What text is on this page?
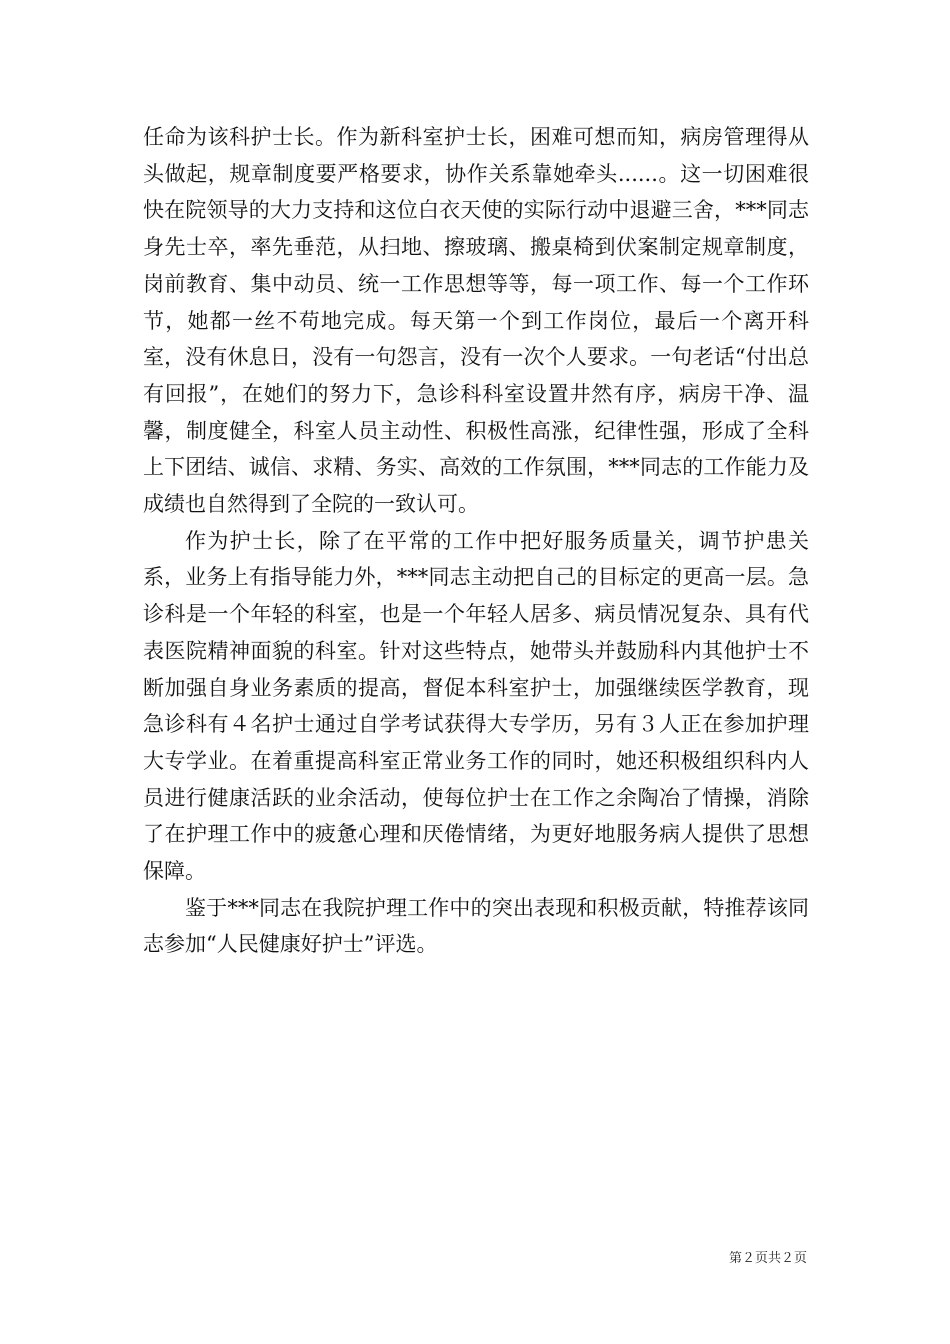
任命为该科护士长。作为新科室护士长，困难可想而知，病房管理得从头做起，规章制度要严格要求，协作关系靠她牵头......。这一切困难很快在院领导的大力支持和这位白衣天使的实际行动中退避三舍，***同志身先士卒，率先垂范，从扫地、擦玻璃、搬桌椅到伏案制定规章制度，岗前教育、集中动员、统一工作思想等等，每一项工作、每一个工作环节，她都一丝不苟地完成。每天第一个到工作岗位，最后一个离开科室，没有休息日，没有一句怨言，没有一次个人要求。一句老话“付出总有回报”，在她们的努力下，急诊科科室设置井然有序，病房干净、温馨，制度健全，科室人员主动性、积极性高涨，纪律性强，形成了全科上下团结、诚信、求精、务实、高效的工作氛围，***同志的工作能力及成绩也自然得到了全院的一致认可。

作为护士长，除了在平常的工作中把好服务质量关，调节护患关系，业务上有指导能力外，***同志主动把自己的目标定的更高一层。急诊科是一个年轻的科室，也是一个年轻人居多、病员情况复杂、具有代表医院精神面貌的科室。针对这些特点，她带头并鼓励科内其他护士不断加强自身业务素质的提高，督促本科室护士，加强继续医学教育，现急诊科有４名护士通过自学考试获得大专学历，另有３人正在参加护理大专学业。在着重提高科室正常业务工作的同时，她还积极组织科内人员进行健康活跃的业余活动，使每位护士在工作之余陶冶了情操，消除了在护理工作中的疲惫心理和厌倦情绪，为更好地服务病人提供了思想保障。

鉴于***同志在我院护理工作中的突出表现和积极贡献，特推荐该同志参加“人民健康好护士”评选。

第２页共２页
